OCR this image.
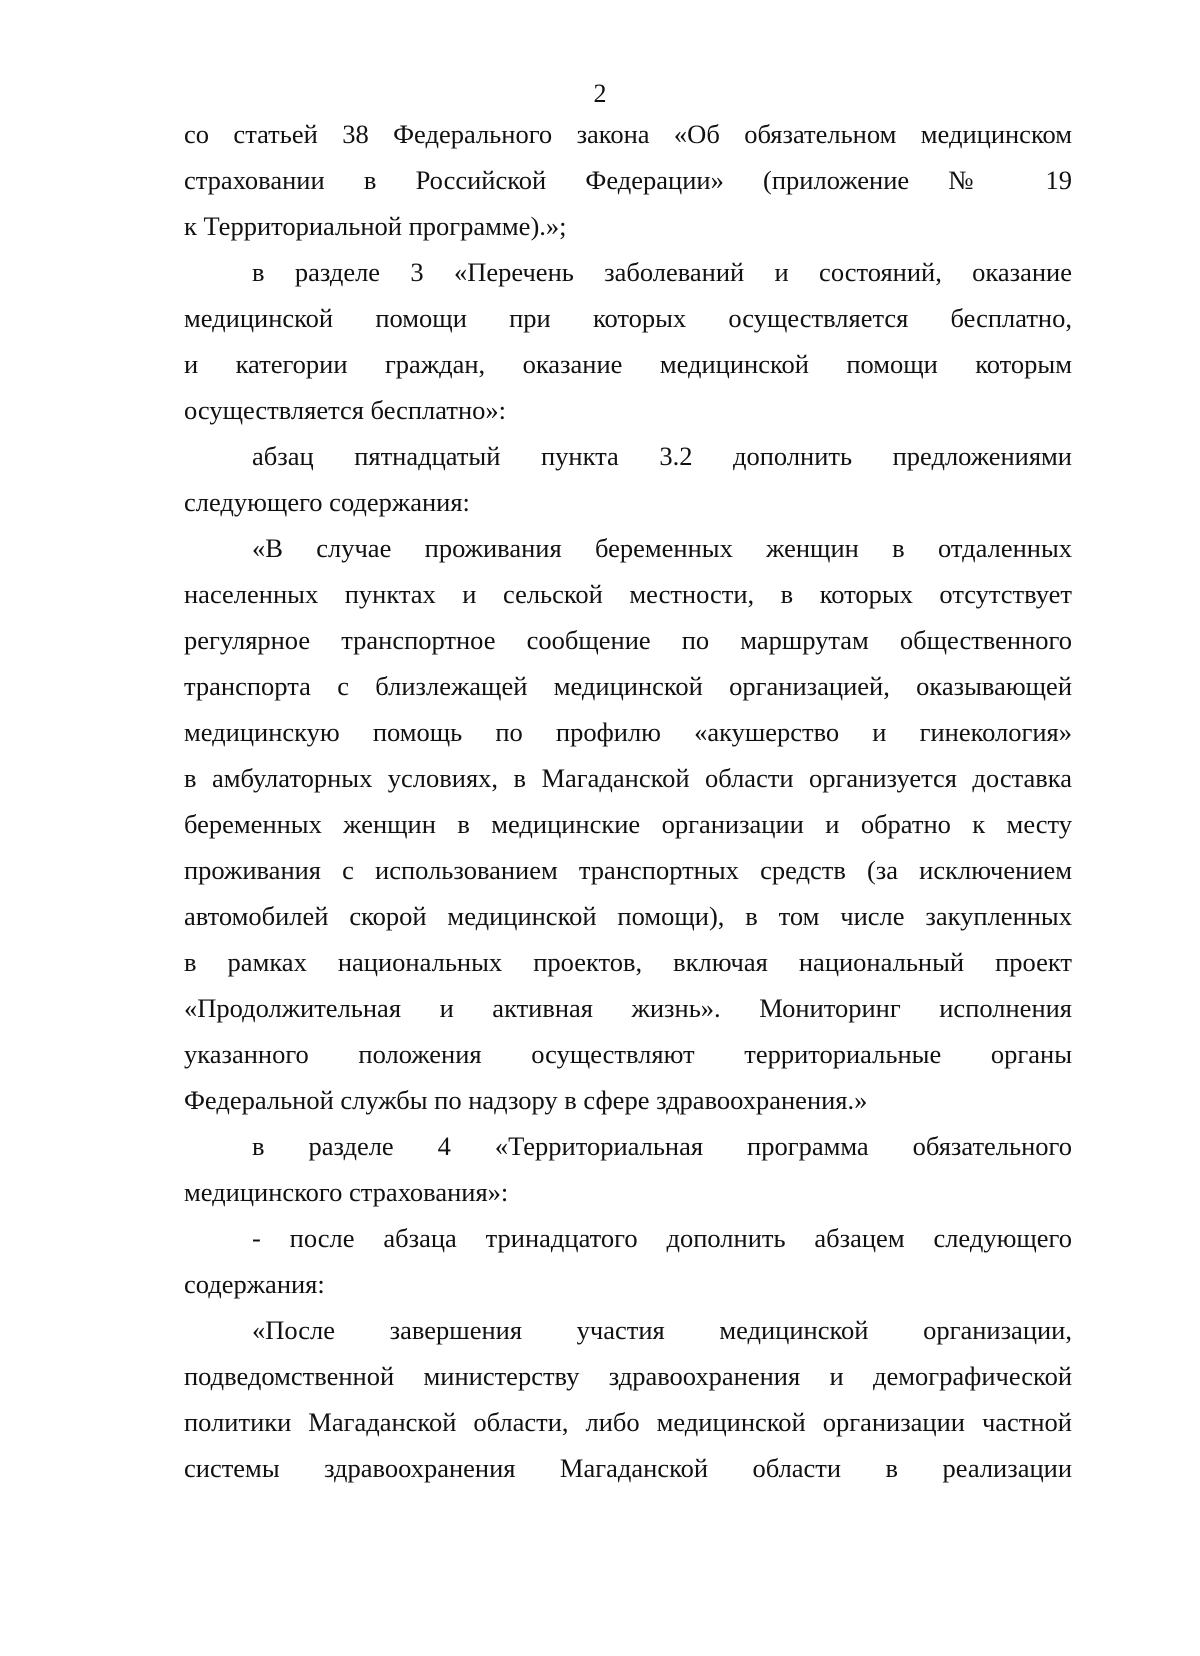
2
со статьей 38 Федерального закона «Об обязательном медицинском
страховании в Российской Федерации» (приложение № 19
к Территориальной программе).»;
в разделе 3 «Перечень заболеваний и состояний, оказание
медицинской помощи при которых осуществляется бесплатно,
и категории граждан, оказание медицинской помощи которым
осуществляется бесплатно»:
абзац пятнадцатый пункта 3.2 дополнить предложениями
следующего содержания:
«В случае проживания беременных женщин в отдаленных
населенных пунктах и сельской местности, в которых отсутствует
регулярное транспортное сообщение по маршрутам общественного
транспорта с близлежащей медицинской организацией, оказывающей
медицинскую помощь по профилю «акушерство и гинекология»
в амбулаторных условиях, в Магаданской области организуется доставка
беременных женщин в медицинские организации и обратно к месту
проживания с использованием транспортных средств (за исключением
автомобилей скорой медицинской помощи), в том числе закупленных
в рамках национальных проектов, включая национальный проект
«Продолжительная и активная жизнь». Мониторинг исполнения
указанного положения осуществляют территориальные органы
Федеральной службы по надзору в сфере здравоохранения.»
в разделе 4 «Территориальная программа обязательного
медицинского страхования»:
- после абзаца тринадцатого дополнить абзацем следующего
содержания:
«После завершения участия медицинской организации,
подведомственной министерству здравоохранения и демографической
политики Магаданской области, либо медицинской организации частной
системы здравоохранения Магаданской области в реализации
